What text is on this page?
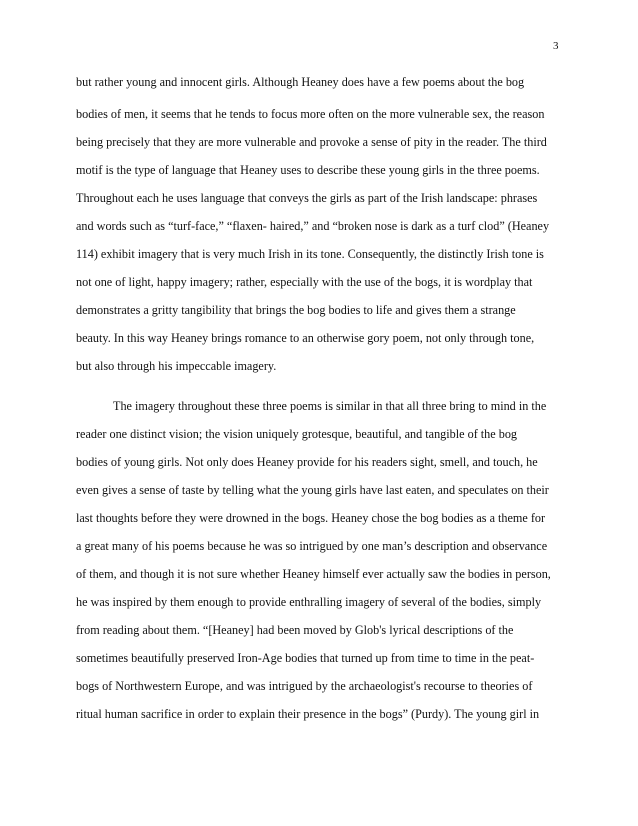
3
but rather young and innocent girls. Although Heaney does have a few poems about the bog
bodies of men, it seems that he tends to focus more often on the more vulnerable sex, the reason
being precisely that they are more vulnerable and provoke a sense of pity in the reader. The third
motif is the type of language that Heaney uses to describe these young girls in the three poems.
Throughout each he uses language that conveys the girls as part of the Irish landscape: phrases
and words such as “turf-face,” “flaxen- haired,” and “broken nose is dark as a turf clod” (Heaney
114) exhibit imagery that is very much Irish in its tone. Consequently, the distinctly Irish tone is
not one of light, happy imagery; rather, especially with the use of the bogs, it is wordplay that
demonstrates a gritty tangibility that brings the bog bodies to life and gives them a strange
beauty. In this way Heaney brings romance to an otherwise gory poem, not only through tone,
but also through his impeccable imagery.
The imagery throughout these three poems is similar in that all three bring to mind in the
reader one distinct vision; the vision uniquely grotesque, beautiful, and tangible of the bog
bodies of young girls. Not only does Heaney provide for his readers sight, smell, and touch, he
even gives a sense of taste by telling what the young girls have last eaten, and speculates on their
last thoughts before they were drowned in the bogs. Heaney chose the bog bodies as a theme for
a great many of his poems because he was so intrigued by one man’s description and observance
of them, and though it is not sure whether Heaney himself ever actually saw the bodies in person,
he was inspired by them enough to provide enthralling imagery of several of the bodies, simply
from reading about them. “[Heaney] had been moved by Glob's lyrical descriptions of the
sometimes beautifully preserved Iron-Age bodies that turned up from time to time in the peat-
bogs of Northwestern Europe, and was intrigued by the archaeologist's recourse to theories of
ritual human sacrifice in order to explain their presence in the bogs” (Purdy). The young girl in
